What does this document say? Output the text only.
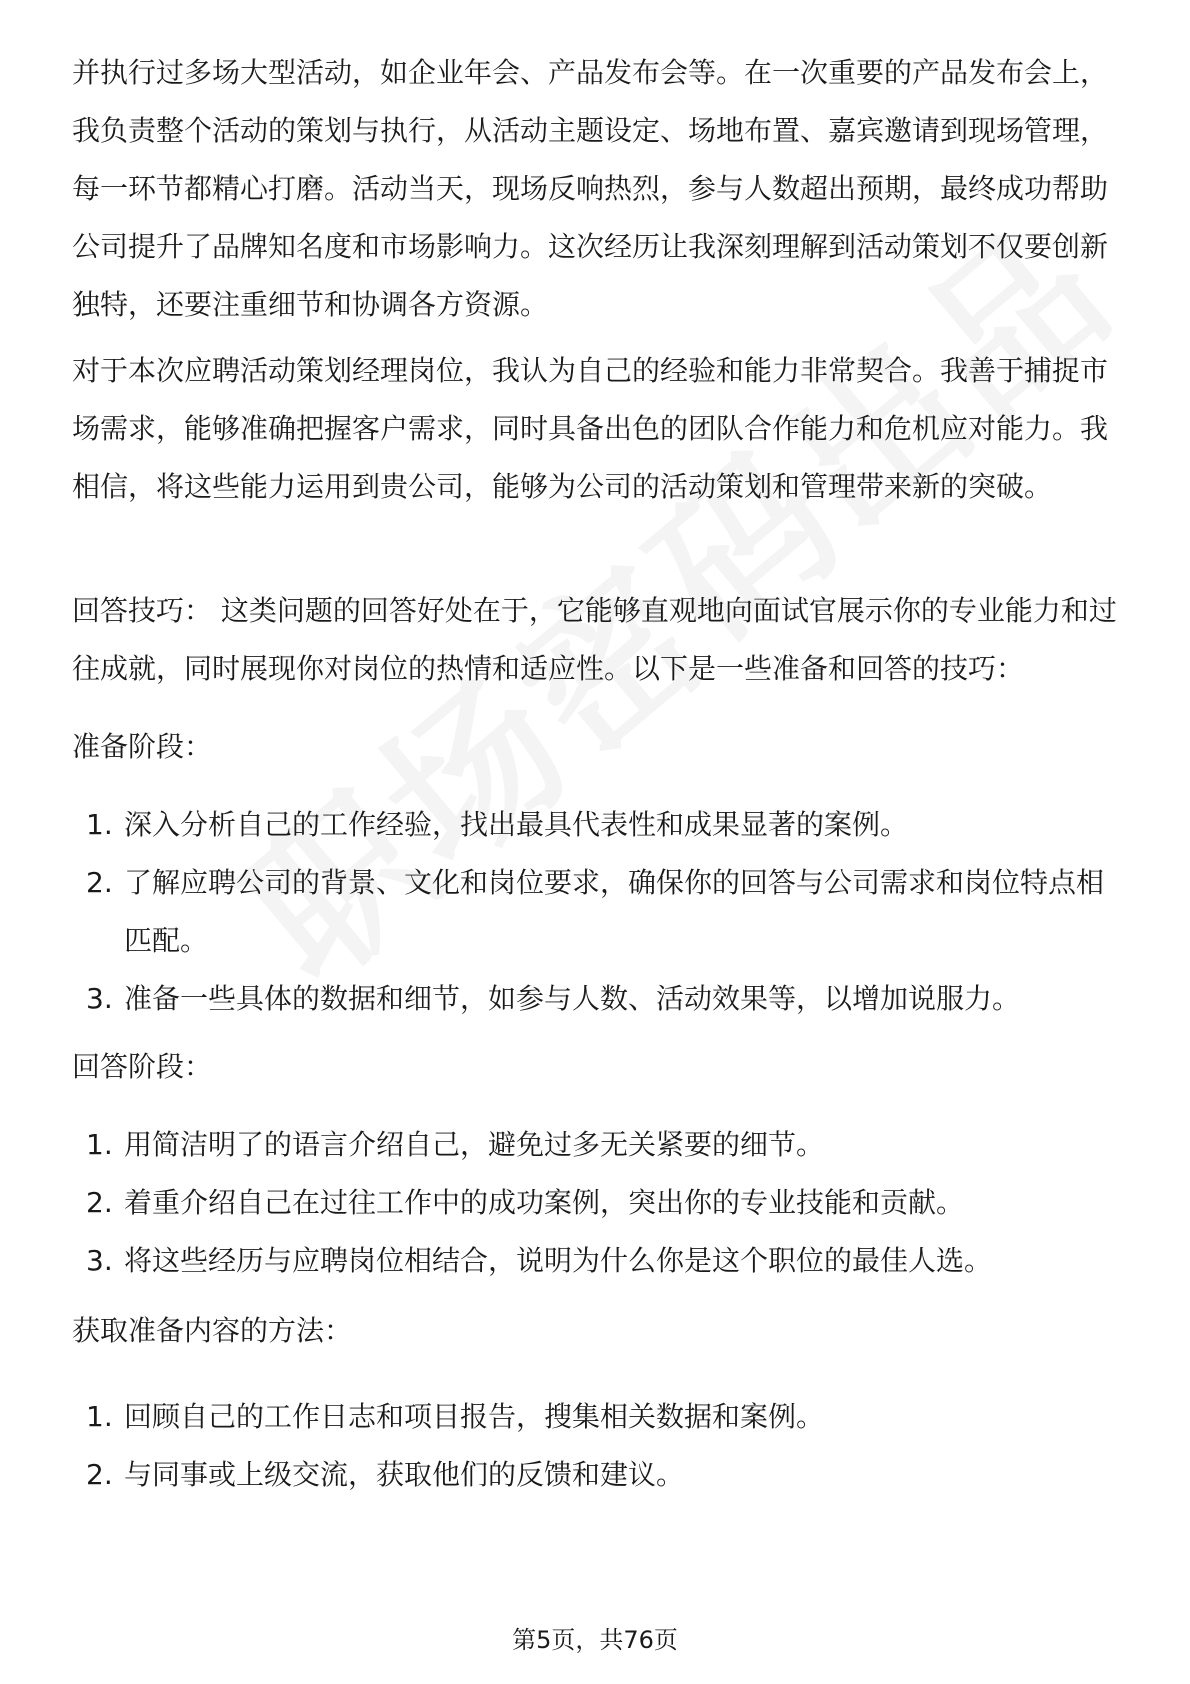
并执行过多场大型活动，如企业年会、产品发布会等。在一次重要的产品发布会上，我负责整个活动的策划与执行，从活动主题设定、场地布置、嘉宾邀请到现场管理，每一环节都精心打磨。活动当天，现场反响热烈，参与人数超出预期，最终成功帮助公司提升了品牌知名度和市场影响力。这次经历让我深刻理解到活动策划不仅要创新独特，还要注重细节和协调各方资源。

对于本次应聘活动策划经理岗位，我认为自己的经验和能力非常契合。我善于捕捉市场需求，能够准确把握客户需求，同时具备出色的团队合作能力和危机应对能力。我相信，将这些能力运用到贵公司，能够为公司的活动策划和管理带来新的突破。

回答技巧： 这类问题的回答好处在于，它能够直观地向面试官展示你的专业能力和过往成就，同时展现你对岗位的热情和适应性。以下是一些准备和回答的技巧：

准备阶段：

1. 深入分析自己的工作经验，找出最具代表性和成果显著的案例。
2. 了解应聘公司的背景、文化和岗位要求，确保你的回答与公司需求和岗位特点相匹配。
3. 准备一些具体的数据和细节，如参与人数、活动效果等，以增加说服力。

回答阶段：

1. 用简洁明了的语言介绍自己，避免过多无关紧要的细节。
2. 着重介绍自己在过往工作中的成功案例，突出你的专业技能和贡献。
3. 将这些经历与应聘岗位相结合，说明为什么你是这个职位的最佳人选。

获取准备内容的方法：

1. 回顾自己的工作日志和项目报告，搜集相关数据和案例。
2. 与同事或上级交流，获取他们的反馈和建议。
第5页，共76页
